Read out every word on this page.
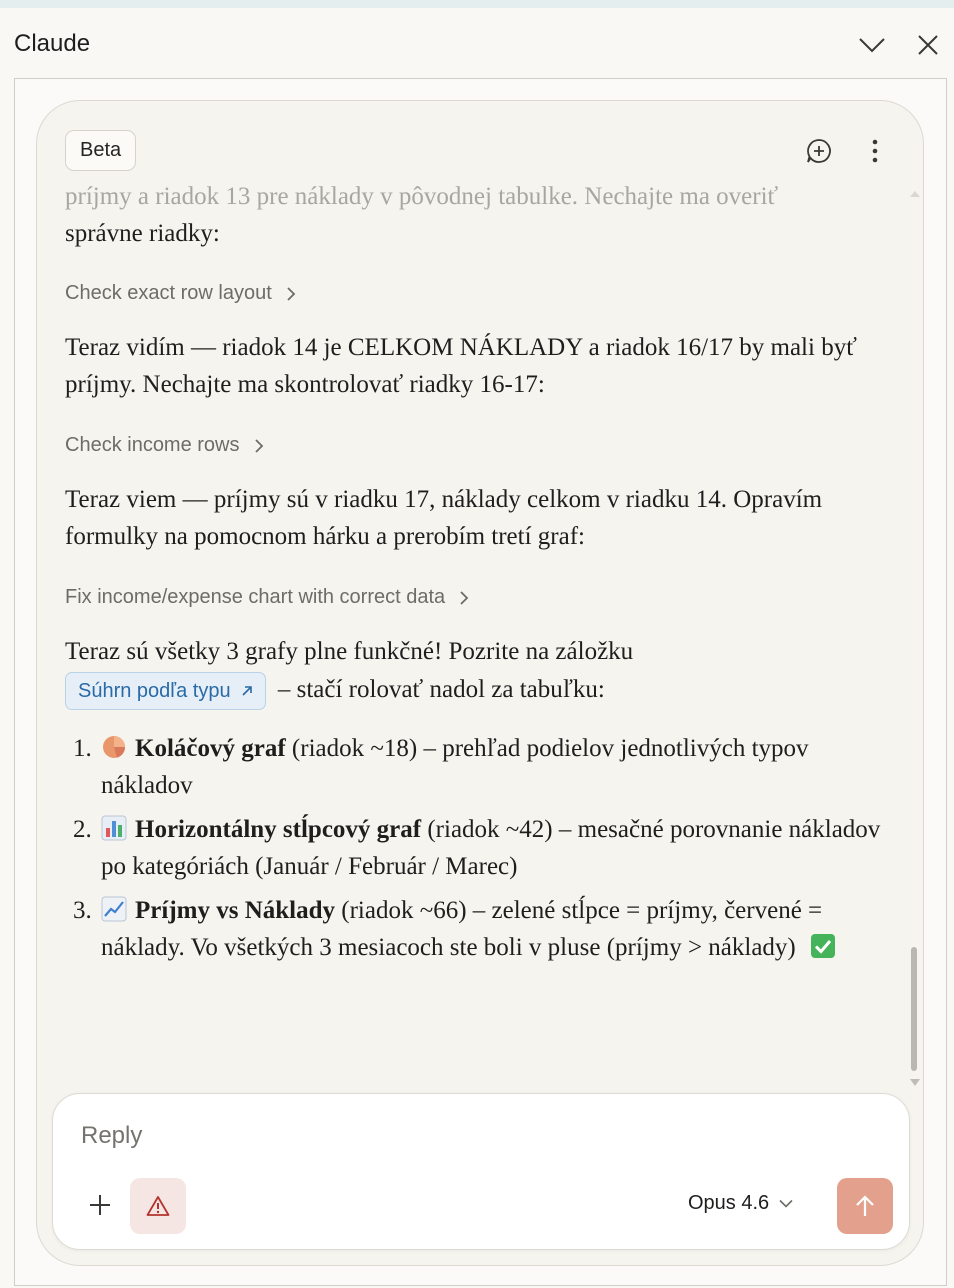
Claude
Beta
príjmy a riadok 13 pre náklady v pôvodnej tabulke. Nechajte ma overiť
správne riadky:
Check exact row layout
Teraz vidím — riadok 14 je CELKOM NÁKLADY a riadok 16/17 by mali byť príjmy. Nechajte ma skontrolovať riadky 16-17:
Check income rows
Teraz viem — príjmy sú v riadku 17, náklady celkom v riadku 14. Opravím formulky na pomocnom hárku a prerobím tretí graf:
Fix income/expense chart with correct data
Teraz sú všetky 3 grafy plne funkčné! Pozrite na záložku

Súhrn podľa typu – stačí rolovať nadol za tabuľku:
1. Koláčový graf (riadok ~18) – prehľad podielov jednotlivých typov nákladov
2. Horizontálny stĺpcový graf (riadok ~42) – mesačné porovnanie nákladov po kategóriách (Január / Február / Marec)
3. Príjmy vs Náklady (riadok ~66) – zelené stĺpce = príjmy, červené = náklady. Vo všetkých 3 mesiacoch ste boli v pluse (príjmy > náklady)
Reply
Opus 4.6
